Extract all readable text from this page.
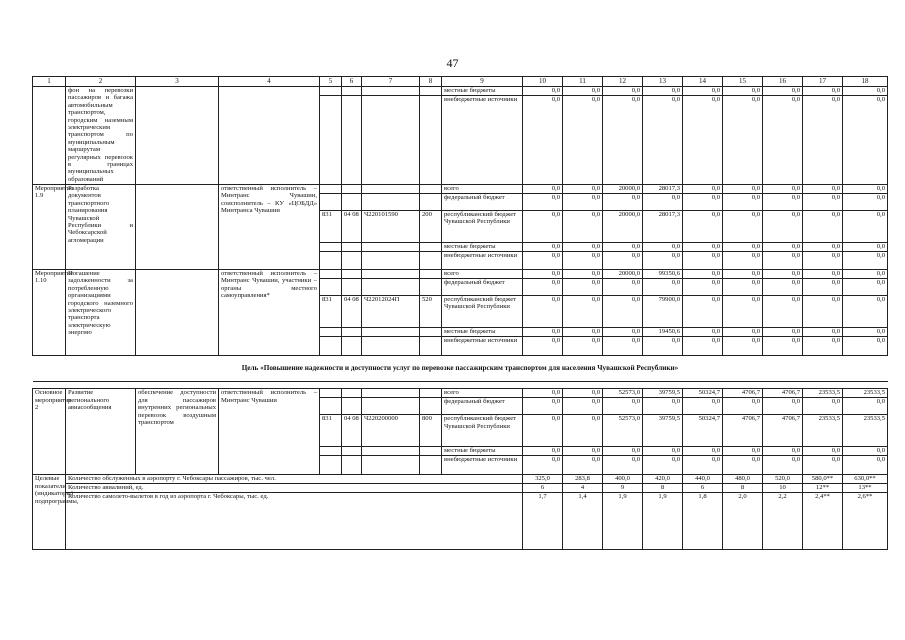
47
1	2	3	4	5	6	7	8	9	10	11	12	13	14	15	16	17	18
	фон на перевозки пассажиров и багажа автомобильным транспортом, городским наземным электрическим транспортом по муниципальным маршрутам регулярных перевозок в границах муниципальных образований							местные бюджеты	0,0	0,0	0,0	0,0	0,0	0,0	0,0	0,0	0,0
								внебюджетные источники	0,0	0,0	0,0	0,0	0,0	0,0	0,0	0,0	0,0
Мероприятие 1.9	Разработка документов транспортного планирования Чувашской Республики и Чебоксарской агломерации		ответственный исполнитель – Минтранс Чувашии, соисполнитель – КУ «ЦОБДД» Минтранса Чувашии					всего	0,0	0,0	20000,0	28017,3	0,0	0,0	0,0	0,0	0,0
								федеральный бюджет	0,0	0,0	0,0	0,0	0,0	0,0	0,0	0,0	0,0
				831	04 08	Ч220101590	200	республиканский бюджет Чувашской Республики	0,0	0,0	20000,0	28017,3	0,0	0,0	0,0	0,0	0,0
								местные бюджеты	0,0	0,0	0,0	0,0	0,0	0,0	0,0	0,0	0,0
								внебюджетные источники	0,0	0,0	0,0	0,0	0,0	0,0	0,0	0,0	0,0
Мероприятие 1.10	Погашение задолженности за потребленную организациями городского наземного электрического транспорта электрическую энергию		ответственный исполнитель – Минтранс Чувашии, участники – органы местного самоуправления*					всего	0,0	0,0	20000,0	99350,6	0,0	0,0	0,0	0,0	0,0
								федеральный бюджет	0,0	0,0	0,0	0,0	0,0	0,0	0,0	0,0	0,0
				831	04 08	Ч22012024П	520	республиканский бюджет Чувашской Республики	0,0	0,0	0,0	79900,0	0,0	0,0	0,0	0,0	0,0
								местные бюджеты	0,0	0,0	0,0	19450,6	0,0	0,0	0,0	0,0	0,0
								внебюджетные источники	0,0	0,0	0,0	0,0	0,0	0,0	0,0	0,0	0,0
Цель «Повышение надежности и доступности услуг по перевозке пассажирским транспортом для населения Чувашской Республики»																	

Основное мероприятие 2	Развитие регионального авиасообщения	обеспечение доступности для пассажиров внутренних региональных перевозок воздушным транспортом	ответственный исполнитель – Минтранс Чувашии					всего	0,0	0,0	52573,0	39759,5	50324,7	4706,7	4706,7	23533,5	23533,5
								федеральный бюджет	0,0	0,0	0,0	0,0	0,0	0,0	0,0	0,0	0,0
				831	04 08	Ч220200000	800	республиканский бюджет Чувашской Республики	0,0	0,0	52573,0	39759,5	50324,7	4706,7	4706,7	23533,5	23533,5
								местные бюджеты	0,0	0,0	0,0	0,0	0,0	0,0	0,0	0,0	0,0
								внебюджетные источники	0,0	0,0	0,0	0,0	0,0	0,0	0,0	0,0	0,0
Целевые показатели (индикаторы) подпрограммы,	Количество обслуженных в аэропорту г. Чебоксары пассажиров, тыс. чел.								325,0	283,8	400,0	420,0	440,0	480,0	520,0	580,0**	630,0**
	Количество авиалиний, ед.								6	4	9	8	6	8	10	12**	13**
	Количество самолето-вылетов в год из аэропорта г. Чебоксары, тыс. ед.								1,7	1,4	1,9	1,9	1,8	2,0	2,2	2,4**	2,6**
